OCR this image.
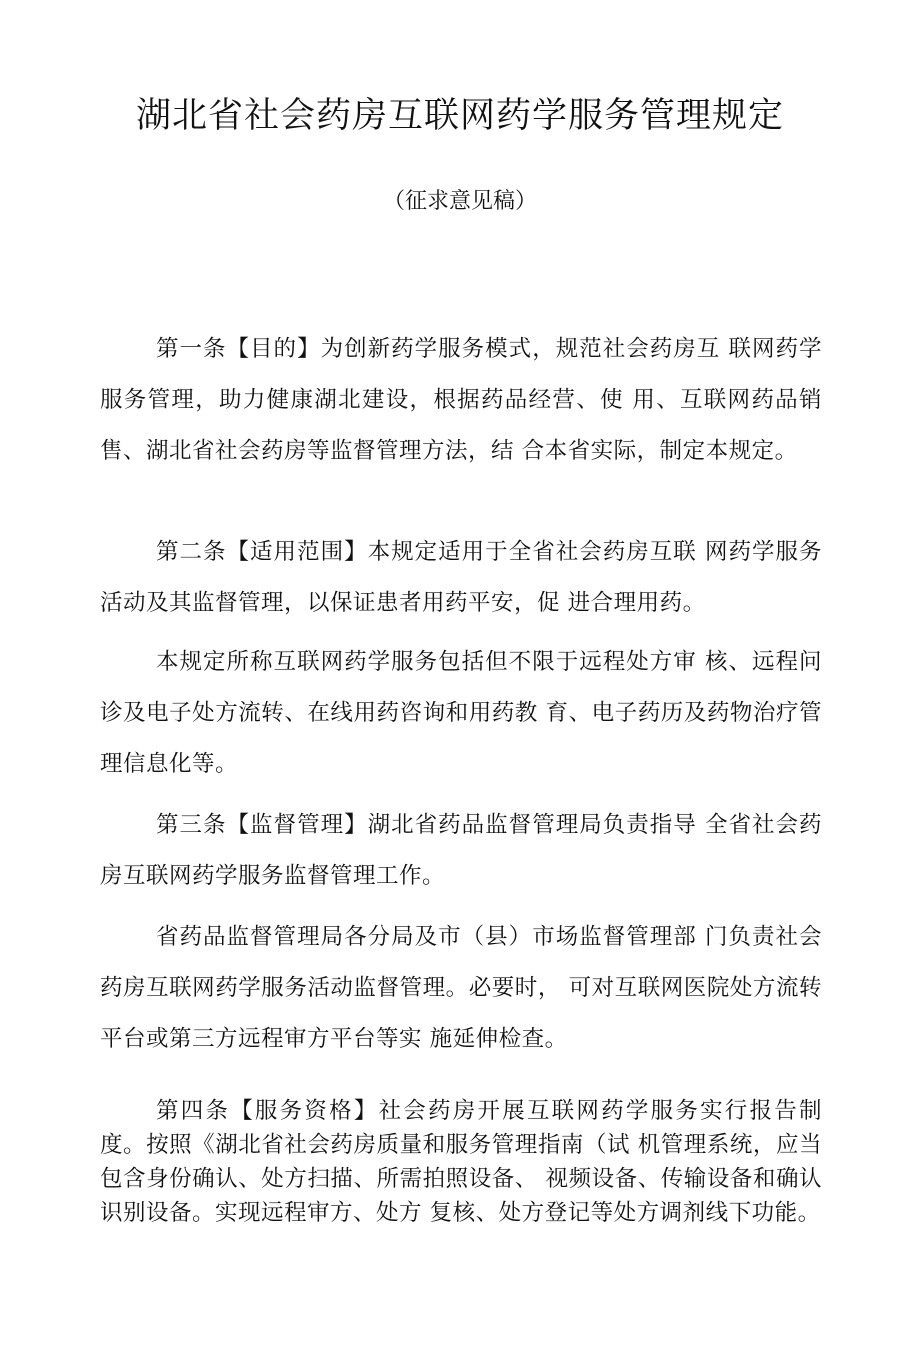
湖北省社会药房互联网药学服务管理规定

（征求意见稿）

第一条【目的】为创新药学服务模式，规范社会药房互 联网药学服务管理，助力健康湖北建设，根据药品经营、使 用、互联网药品销售、湖北省社会药房等监督管理方法，结 合本省实际，制定本规定。

第二条【适用范围】本规定适用于全省社会药房互联 网药学服务活动及其监督管理，以保证患者用药平安，促 进合理用药。

本规定所称互联网药学服务包括但不限于远程处方审 核、远程问诊及电子处方流转、在线用药咨询和用药教 育、电子药历及药物治疗管理信息化等。

第三条【监督管理】湖北省药品监督管理局负责指导 全省社会药房互联网药学服务监督管理工作。

省药品监督管理局各分局及市（县）市场监督管理部 门负责社会药房互联网药学服务活动监督管理。必要时， 可对互联网医院处方流转平台或第三方远程审方平台等实 施延伸检查。

第四条【服务资格】社会药房开展互联网药学服务实行报告制度。按照《湖北省社会药房质量和服务管理指南（试 机管理系统，应当包含身份确认、处方扫描、所需拍照设备、 视频设备、传输设备和确认识别设备。实现远程审方、处方 复核、处方登记等处方调剂线下功能。
